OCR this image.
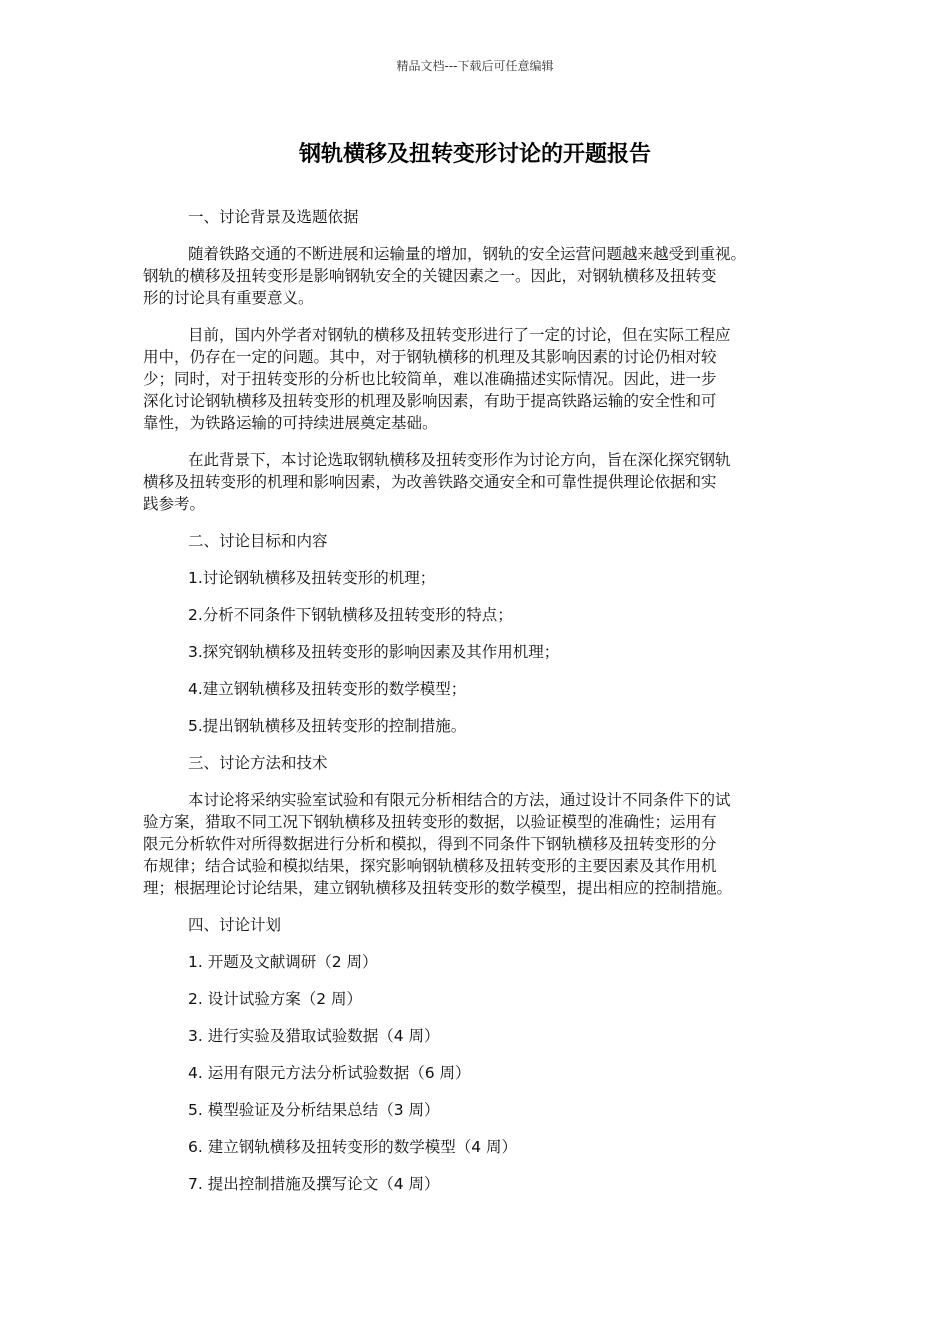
精品文档---下载后可任意编辑
钢轨横移及扭转变形讨论的开题报告
一、讨论背景及选题依据
随着铁路交通的不断进展和运输量的增加，钢轨的安全运营问题越来越受到重视。
钢轨的横移及扭转变形是影响钢轨安全的关键因素之一。因此，对钢轨横移及扭转变
形的讨论具有重要意义。
目前，国内外学者对钢轨的横移及扭转变形进行了一定的讨论，但在实际工程应
用中，仍存在一定的问题。其中，对于钢轨横移的机理及其影响因素的讨论仍相对较
少；同时，对于扭转变形的分析也比较简单，难以准确描述实际情况。因此，进一步
深化讨论钢轨横移及扭转变形的机理及影响因素，有助于提高铁路运输的安全性和可
靠性，为铁路运输的可持续进展奠定基础。
在此背景下，本讨论选取钢轨横移及扭转变形作为讨论方向，旨在深化探究钢轨
横移及扭转变形的机理和影响因素，为改善铁路交通安全和可靠性提供理论依据和实
践参考。
二、讨论目标和内容
1.讨论钢轨横移及扭转变形的机理；
2.分析不同条件下钢轨横移及扭转变形的特点；
3.探究钢轨横移及扭转变形的影响因素及其作用机理；
4.建立钢轨横移及扭转变形的数学模型；
5.提出钢轨横移及扭转变形的控制措施。
三、讨论方法和技术
本讨论将采纳实验室试验和有限元分析相结合的方法，通过设计不同条件下的试
验方案，猎取不同工况下钢轨横移及扭转变形的数据，以验证模型的准确性；运用有
限元分析软件对所得数据进行分析和模拟，得到不同条件下钢轨横移及扭转变形的分
布规律；结合试验和模拟结果，探究影响钢轨横移及扭转变形的主要因素及其作用机
理；根据理论讨论结果，建立钢轨横移及扭转变形的数学模型，提出相应的控制措施。
四、讨论计划
1. 开题及文献调研（2 周）
2. 设计试验方案（2 周）
3. 进行实验及猎取试验数据（4 周）
4. 运用有限元方法分析试验数据（6 周）
5. 模型验证及分析结果总结（3 周）
6. 建立钢轨横移及扭转变形的数学模型（4 周）
7. 提出控制措施及撰写论文（4 周）
